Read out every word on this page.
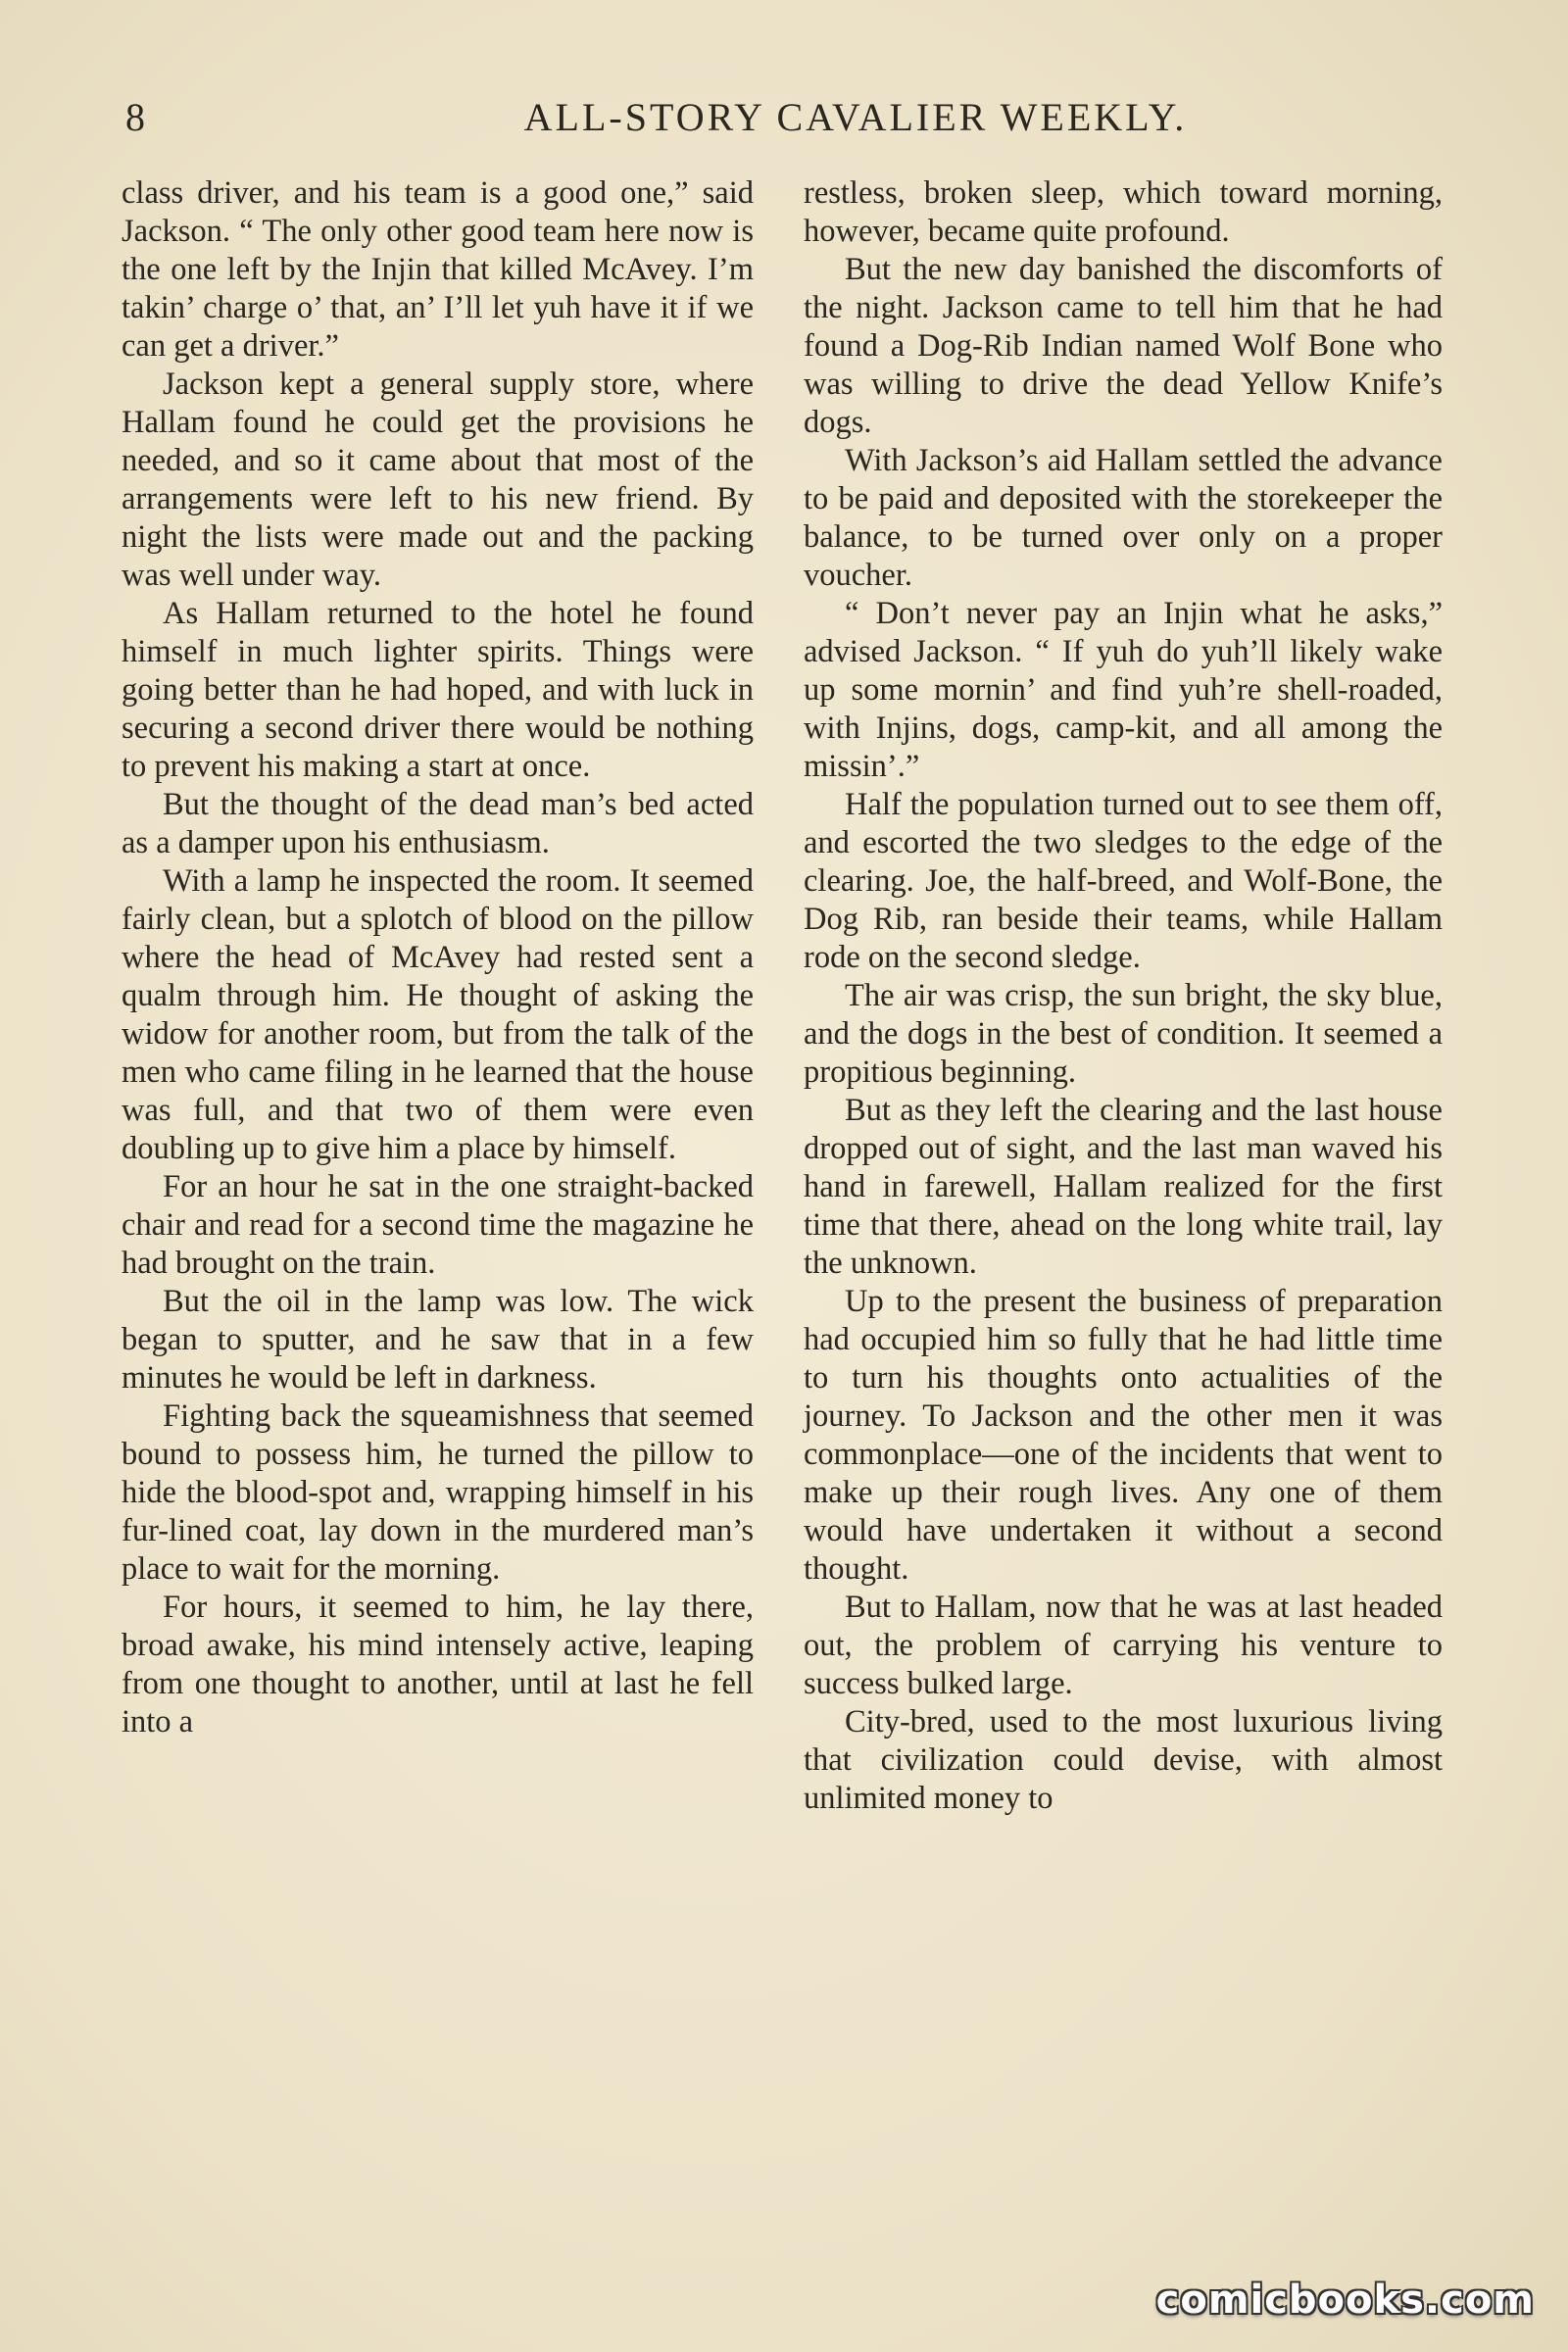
8	ALL-STORY CAVALIER WEEKLY.

class driver, and his team is a good one,” said Jackson. “ The only other good team here now is the one left by the Injin that killed McAvey. I’m takin’ charge o’ that, an’ I’ll let yuh have it if we can get a driver.”

Jackson kept a general supply store, where Hallam found he could get the provisions he needed, and so it came about that most of the arrangements were left to his new friend. By night the lists were made out and the packing was well under way.

As Hallam returned to the hotel he found himself in much lighter spirits. Things were going better than he had hoped, and with luck in securing a second driver there would be nothing to prevent his making a start at once.

But the thought of the dead man’s bed acted as a damper upon his enthusiasm.

With a lamp he inspected the room. It seemed fairly clean, but a splotch of blood on the pillow where the head of McAvey had rested sent a qualm through him. He thought of asking the widow for another room, but from the talk of the men who came filing in he learned that the house was full, and that two of them were even doubling up to give him a place by himself.

For an hour he sat in the one straight-backed chair and read for a second time the magazine he had brought on the train.

But the oil in the lamp was low. The wick began to sputter, and he saw that in a few minutes he would be left in darkness.

Fighting back the squeamishness that seemed bound to possess him, he turned the pillow to hide the blood-spot and, wrapping himself in his fur-lined coat, lay down in the murdered man’s place to wait for the morning.

For hours, it seemed to him, he lay there, broad awake, his mind intensely active, leaping from one thought to another, until at last he fell into a

restless, broken sleep, which toward morning, however, became quite profound.

But the new day banished the discomforts of the night. Jackson came to tell him that he had found a Dog-Rib Indian named Wolf Bone who was willing to drive the dead Yellow Knife’s dogs.

With Jackson’s aid Hallam settled the advance to be paid and deposited with the storekeeper the balance, to be turned over only on a proper voucher.

“ Don’t never pay an Injin what he asks,” advised Jackson. “ If yuh do yuh’ll likely wake up some mornin’ and find yuh’re shell-roaded, with Injins, dogs, camp-kit, and all among the missin’.”

Half the population turned out to see them off, and escorted the two sledges to the edge of the clearing. Joe, the half-breed, and Wolf-Bone, the Dog Rib, ran beside their teams, while Hallam rode on the second sledge.

The air was crisp, the sun bright, the sky blue, and the dogs in the best of condition. It seemed a propitious beginning.

But as they left the clearing and the last house dropped out of sight, and the last man waved his hand in farewell, Hallam realized for the first time that there, ahead on the long white trail, lay the unknown.

Up to the present the business of preparation had occupied him so fully that he had little time to turn his thoughts onto actualities of the journey. To Jackson and the other men it was commonplace—one of the incidents that went to make up their rough lives. Any one of them would have undertaken it without a second thought.

But to Hallam, now that he was at last headed out, the problem of carrying his venture to success bulked large.

City-bred, used to the most luxurious living that civilization could devise, with almost unlimited money to

comicbooks.com
